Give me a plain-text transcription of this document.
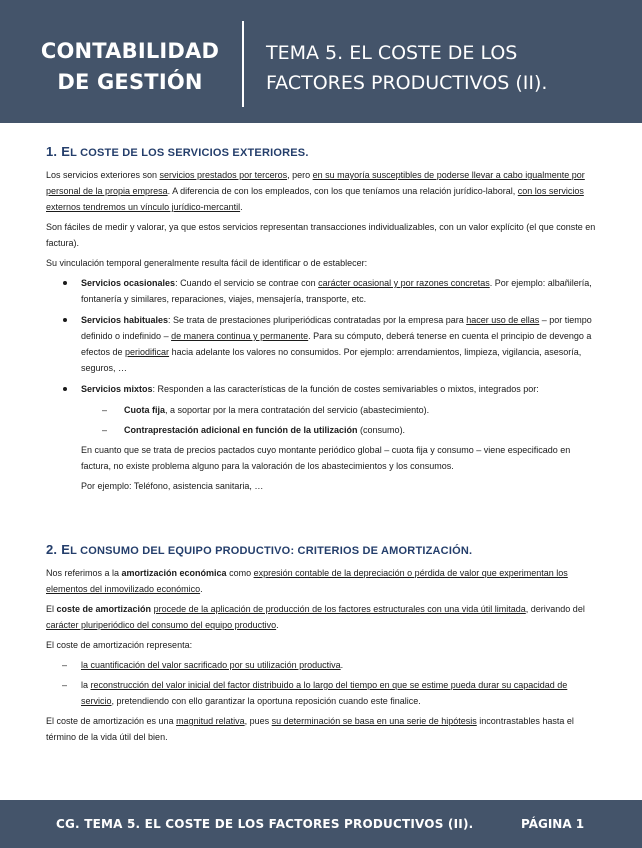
CONTABILIDAD
DE GESTIÓN
TEMA 5. EL COSTE DE LOS
FACTORES PRODUCTIVOS (II).
1. EL COSTE DE LOS SERVICIOS EXTERIORES.

Los servicios exteriores son servicios prestados por terceros, pero en su mayoría susceptibles de poderse llevar a cabo igualmente por personal de la propia empresa. A diferencia de con los empleados, con los que teníamos una relación jurídico-laboral, con los servicios externos tendremos un vínculo jurídico-mercantil.

Son fáciles de medir y valorar, ya que estos servicios representan transacciones individualizables, con un valor explícito (el que conste en factura).

Su vinculación temporal generalmente resulta fácil de identificar o de establecer:

Servicios ocasionales: Cuando el servicio se contrae con carácter ocasional y por razones concretas. Por ejemplo: albañilería, fontanería y similares, reparaciones, viajes, mensajería, transporte, etc.
Servicios habituales: Se trata de prestaciones pluriperiódicas contratadas por la empresa para hacer uso de ellas – por tiempo definido o indefinido – de manera continua y permanente. Para su cómputo, deberá tenerse en cuenta el principio de devengo a efectos de periodificar hacia adelante los valores no consumidos. Por ejemplo: arrendamientos, limpieza, vigilancia, asesoría, seguros, …
Servicios mixtos: Responden a las características de la función de costes semivariables o mixtos, integrados por:
– Cuota fija, a soportar por la mera contratación del servicio (abastecimiento).
– Contraprestación adicional en función de la utilización (consumo).

En cuanto que se trata de precios pactados cuyo montante periódico global – cuota fija y consumo – viene especificado en factura, no existe problema alguno para la valoración de los abastecimientos y los consumos.

Por ejemplo: Teléfono, asistencia sanitaria, …

2. EL CONSUMO DEL EQUIPO PRODUCTIVO: CRITERIOS DE AMORTIZACIÓN.

Nos referimos a la amortización económica como expresión contable de la depreciación o pérdida de valor que experimentan los elementos del inmovilizado económico.

El coste de amortización procede de la aplicación de producción de los factores estructurales con una vida útil limitada, derivando del carácter pluriperiódico del consumo del equipo productivo.

El coste de amortización representa:

– la cuantificación del valor sacrificado por su utilización productiva.
– la reconstrucción del valor inicial del factor distribuido a lo largo del tiempo en que se estime pueda durar su capacidad de servicio, pretendiendo con ello garantizar la oportuna reposición cuando este finalice.

El coste de amortización es una magnitud relativa, pues su determinación se basa en una serie de hipótesis incontrastables hasta el término de la vida útil del bien.

CG. TEMA 5. EL COSTE DE LOS FACTORES PRODUCTIVOS (II).	PÁGINA 1
